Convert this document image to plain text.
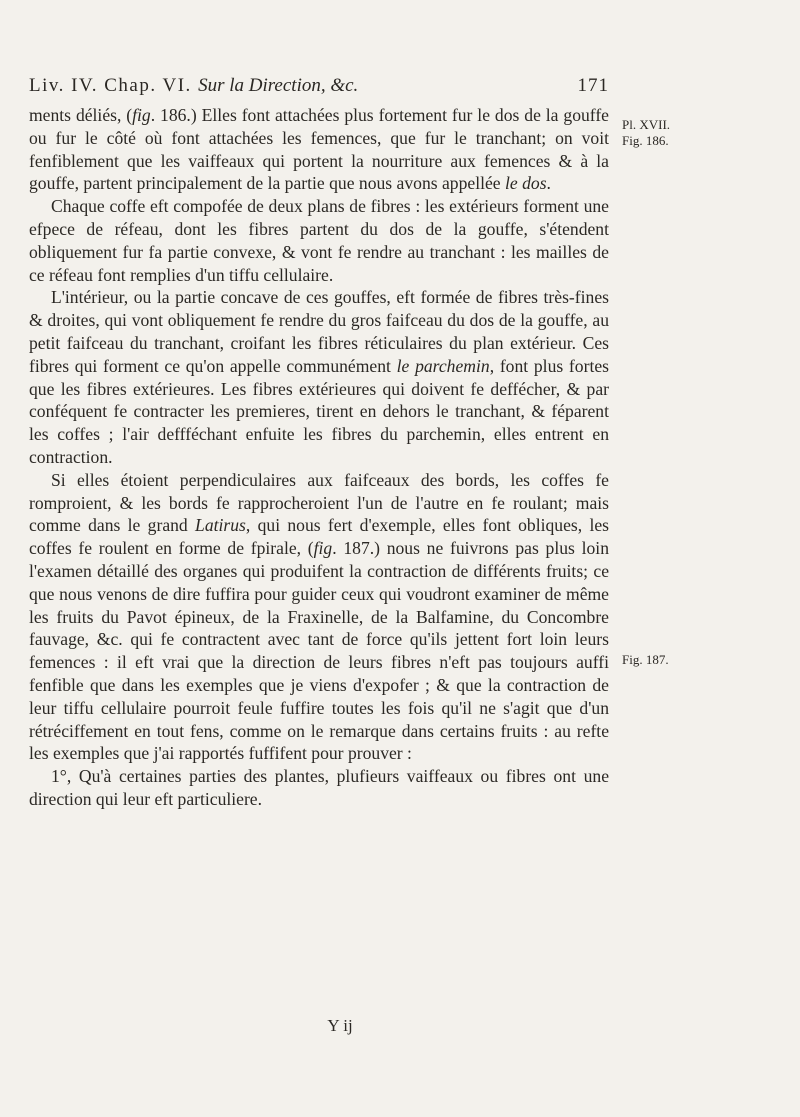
Liv. IV. Chap. VI. Sur la Direction, &c.	171
Pl. XVII.
Fig. 186.
Fig. 187.

ments déliés, (fig. 186.) Elles font attachées plus fortement fur le dos de la gouffe ou fur le côté où font attachées les femences, que fur le tranchant; on voit fenfiblement que les vaiffeaux qui portent la nourriture aux femences & à la gouffe, partent principalement de la partie que nous avons appellée le dos.

Chaque coffe eft compofée de deux plans de fibres : les extérieurs forment une efpece de réfeau, dont les fibres partent du dos de la gouffe, s'étendent obliquement fur fa partie convexe, & vont fe rendre au tranchant : les mailles de ce réfeau font remplies d'un tiffu cellulaire.

L'intérieur, ou la partie concave de ces gouffes, eft formée de fibres très-fines & droites, qui vont obliquement fe rendre du gros faifceau du dos de la gouffe, au petit faifceau du tranchant, croifant les fibres réticulaires du plan extérieur. Ces fibres qui forment ce qu'on appelle communément le parchemin, font plus fortes que les fibres extérieures. Les fibres extérieures qui doivent fe deffécher, & par conféquent fe contracter les premieres, tirent en dehors le tranchant, & féparent les coffes ; l'air deffféchant enfuite les fibres du parchemin, elles entrent en contraction.

Si elles étoient perpendiculaires aux faifceaux des bords, les coffes fe romproient, & les bords fe rapprocheroient l'un de l'autre en fe roulant; mais comme dans le grand Latirus, qui nous fert d'exemple, elles font obliques, les coffes fe roulent en forme de fpirale, (fig. 187.) nous ne fuivrons pas plus loin l'examen détaillé des organes qui produifent la contraction de différents fruits; ce que nous venons de dire fuffira pour guider ceux qui voudront examiner de même les fruits du Pavot épineux, de la Fraxinelle, de la Balfamine, du Concombre fauvage, &c. qui fe contractent avec tant de force qu'ils jettent fort loin leurs femences : il eft vrai que la direction de leurs fibres n'eft pas toujours auffi fenfible que dans les exemples que je viens d'expofer ; & que la contraction de leur tiffu cellulaire pourroit feule fuffire toutes les fois qu'il ne s'agit que d'un rétréciffement en tout fens, comme on le remarque dans certains fruits : au refte les exemples que j'ai rapportés fuffifent pour prouver :

1°, Qu'à certaines parties des plantes, plufieurs vaiffeaux ou fibres ont une direction qui leur eft particuliere.

Y ij
